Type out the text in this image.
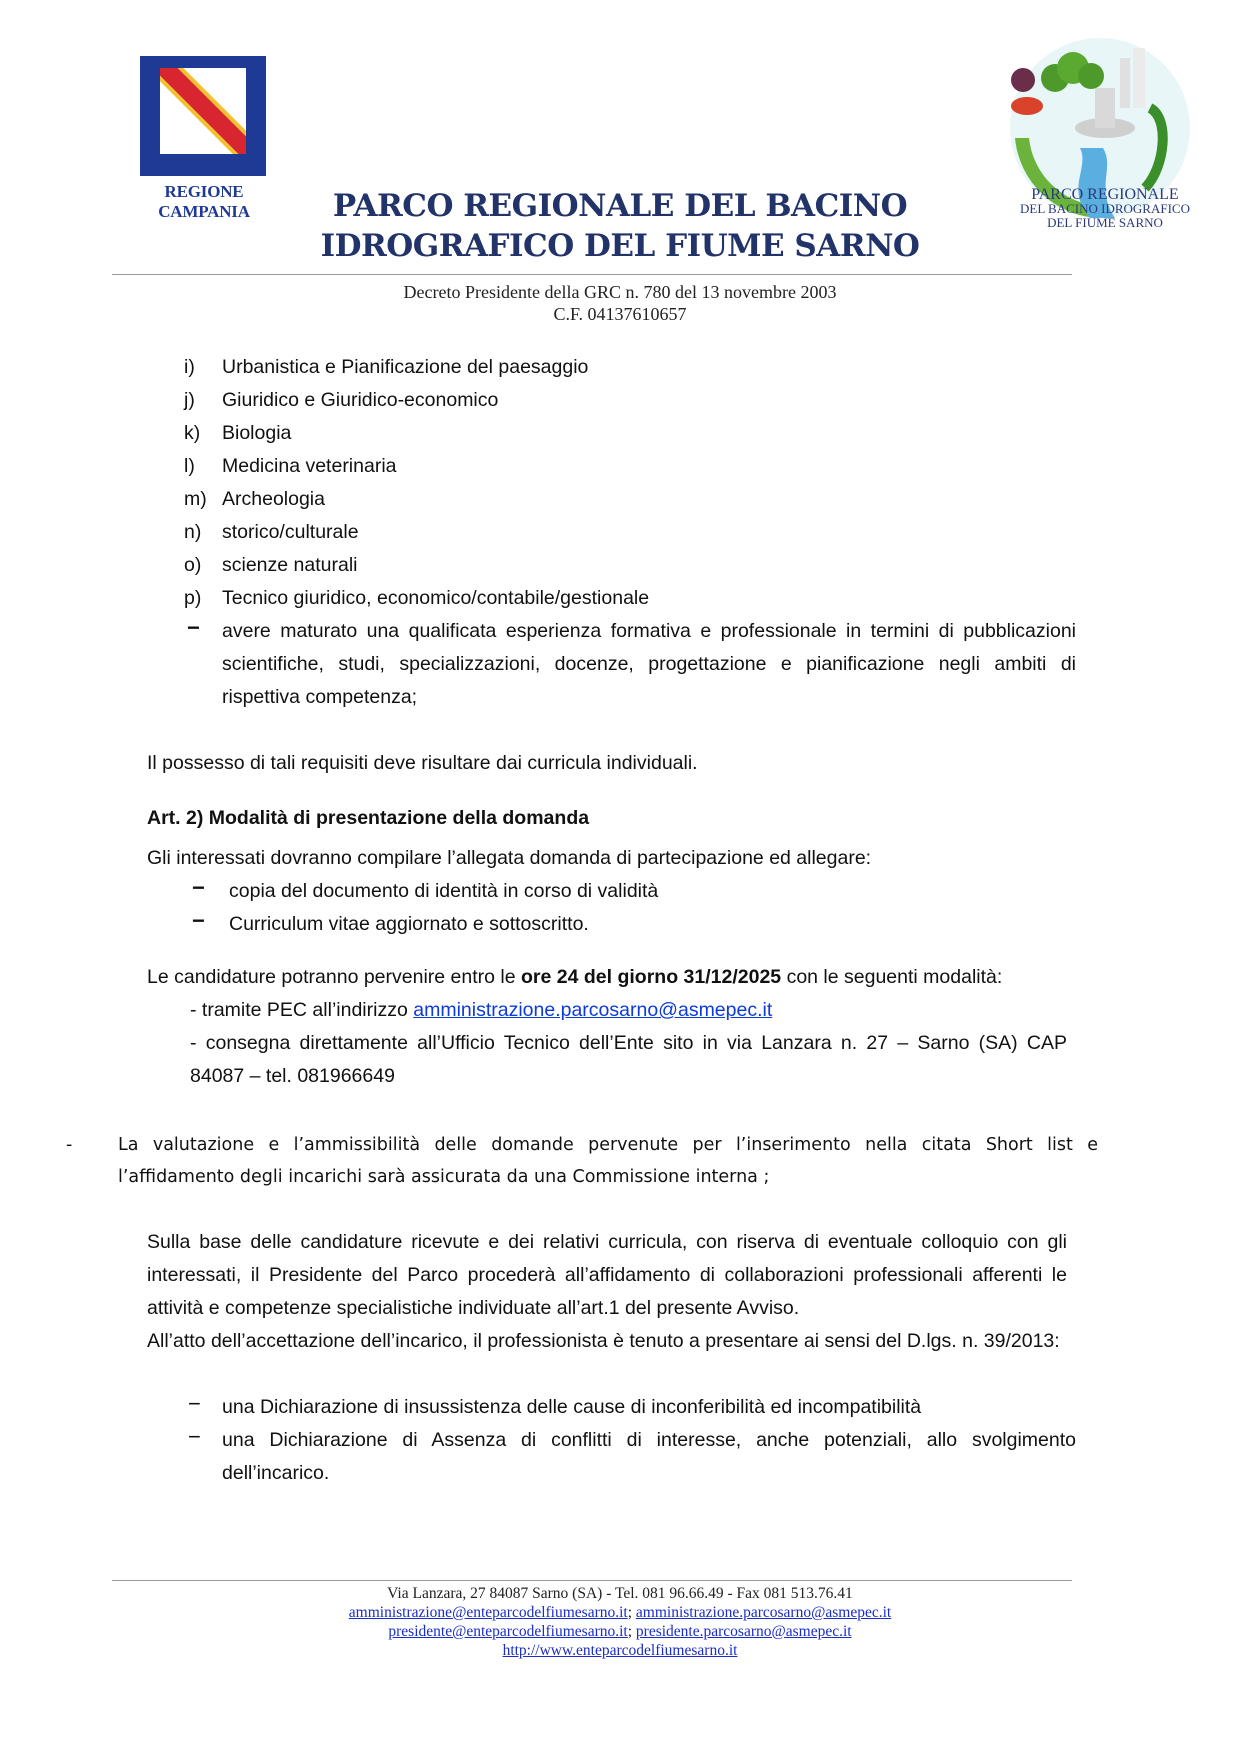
REGIONE CAMPANIA
PARCO REGIONALE
DEL BACINO IDROGRAFICO
DEL FIUME SARNO
PARCO REGIONALE DEL BACINO
IDROGRAFICO DEL FIUME SARNO
Decreto Presidente della GRC n. 780 del 13 novembre 2003
C.F. 04137610657
i) Urbanistica e Pianificazione del paesaggio
j) Giuridico e Giuridico-economico
k) Biologia
l) Medicina veterinaria
m) Archeologia
n) storico/culturale
o) scienze naturali
p) Tecnico giuridico, economico/contabile/gestionale
− avere maturato una qualificata esperienza formativa e professionale in termini di pubblicazioni scientifiche, studi, specializzazioni, docenze, progettazione e pianificazione negli ambiti di rispettiva competenza;
Il possesso di tali requisiti deve risultare dai curricula individuali.
Art. 2) Modalità di presentazione della domanda
Gli interessati dovranno compilare l’allegata domanda di partecipazione ed allegare:
− copia del documento di identità in corso di validità
− Curriculum vitae aggiornato e sottoscritto.
Le candidature potranno pervenire entro le ore 24 del giorno 31/12/2025 con le seguenti modalità:
- tramite PEC all’indirizzo amministrazione.parcosarno@asmepec.it
- consegna direttamente all’Ufficio Tecnico dell’Ente sito in via Lanzara n. 27 – Sarno (SA) CAP 84087 – tel. 081966649
-	La valutazione e l’ammissibilità delle domande pervenute per l’inserimento nella citata Short list e l’affidamento degli incarichi sarà assicurata da una Commissione interna ;
Sulla base delle candidature ricevute e dei relativi curricula, con riserva di eventuale colloquio con gli interessati, il Presidente del Parco procederà all’affidamento di collaborazioni professionali afferenti le attività e competenze specialistiche individuate all’art.1 del presente Avviso.
All’atto dell’accettazione dell’incarico, il professionista è tenuto a presentare ai sensi del D.lgs. n. 39/2013:
− una Dichiarazione di insussistenza delle cause di inconferibilità ed incompatibilità
− una Dichiarazione di Assenza di conflitti di interesse, anche potenziali, allo svolgimento dell’incarico.
Via Lanzara, 27 84087 Sarno (SA) - Tel. 081 96.66.49 - Fax 081 513.76.41
amministrazione@enteparcodelfiumesarno.it; amministrazione.parcosarno@asmepec.it
presidente@enteparcodelfiumesarno.it; presidente.parcosarno@asmepec.it
http://www.enteparcodelfiumesarno.it
